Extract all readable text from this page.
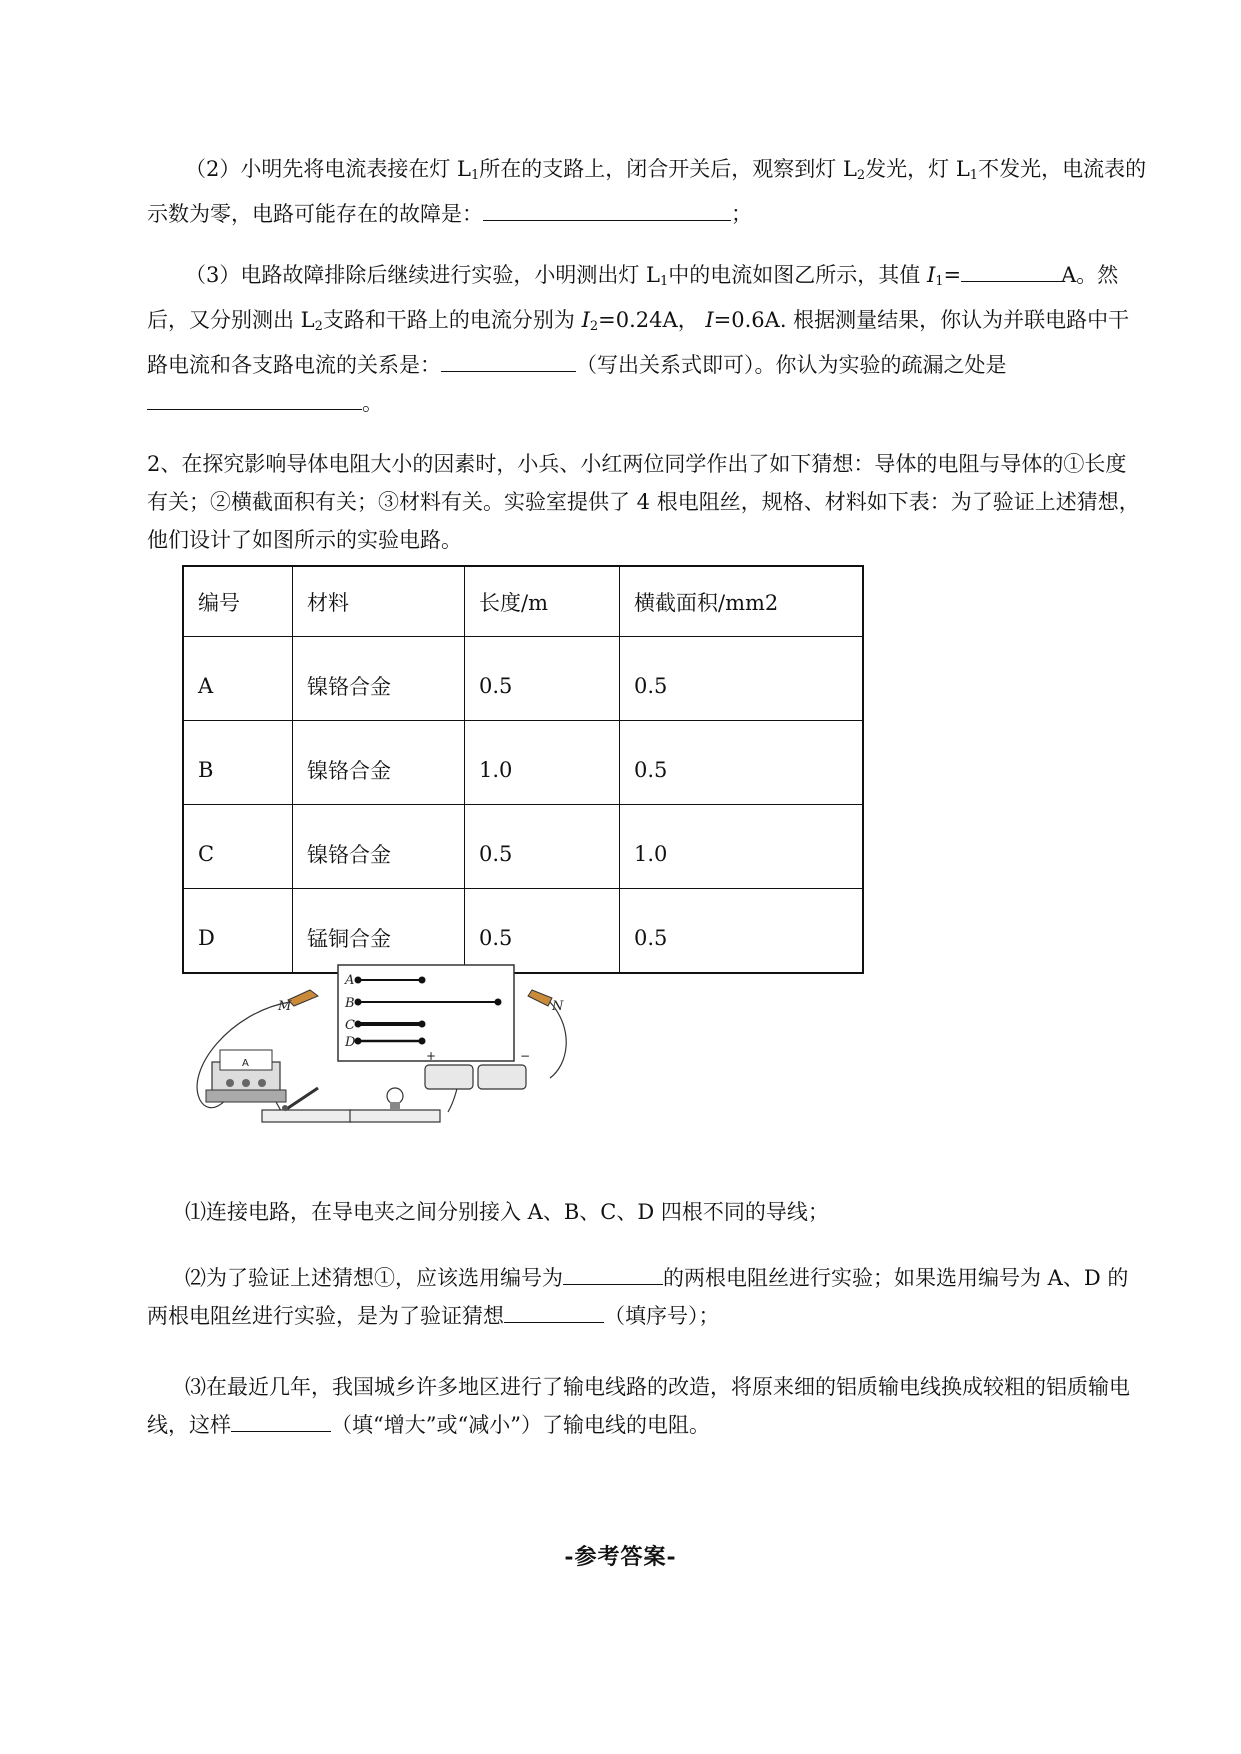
（2）小明先将电流表接在灯 $L_1$所在的支路上，闭合开关后，观察到灯 $L_2$发光，灯 $L_1$不发光，电流表的示数为零，电路可能存在的故障是：	；
（3）电路故障排除后继续进行实验，小明测出灯 $L_1$中的电流如图乙所示，其值 $I_1=$	A。然后，又分别测出 $L_2$支路和干路上的电流分别为 $I_2=0.24A$， I=0.6A. 根据测量结果，你认为并联电路中干路电流和各支路电流的关系是：	（写出关系式即可）。你认为实验的疏漏之处是。
2、在探究影响导体电阻大小的因素时，小兵、小红两位同学作出了如下猜想：导体的电阻与导体的①长度有关；②横截面积有关；③材料有关。实验室提供了 4 根电阻丝，规格、材料如下表：为了验证上述猜想，他们设计了如图所示的实验电路。
编号	材料	长度/m	横截面积/mm2
A	镍铬合金	0.5	0.5
B	镍铬合金	1.0	0.5
C	镍铬合金	0.5	1.0
D	锰铜合金	0.5	0.5
A
B
C
D
M	N
A
+	−
⑴连接电路，在导电夹之间分别接入 A、B、C、D 四根不同的导线；
⑵为了验证上述猜想①，应该选用编号为	的两根电阻丝进行实验；如果选用编号为 A、D 的两根电阻丝进行实验，是为了验证猜想	（填序号）；
⑶在最近几年，我国城乡许多地区进行了输电线路的改造，将原来细的铝质输电线换成较粗的铝质输电线，这样	（填“增大”或“减小”）了输电线的电阻。
-参考答案-
